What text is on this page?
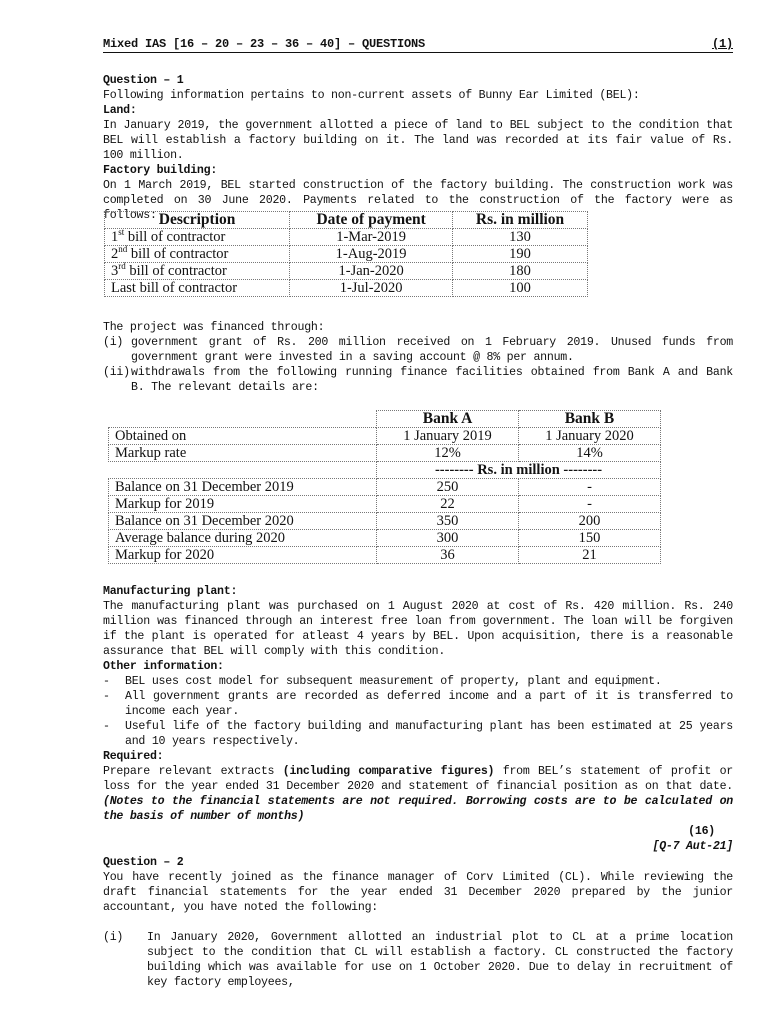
Mixed IAS [16 – 20 – 23 – 36 – 40] – QUESTIONS	(1)
Question – 1
Following information pertains to non-current assets of Bunny Ear Limited (BEL):
Land:
In January 2019, the government allotted a piece of land to BEL subject to the condition that BEL will establish a factory building on it. The land was recorded at its fair value of Rs. 100 million.
Factory building:
On 1 March 2019, BEL started construction of the factory building. The construction work was completed on 30 June 2020. Payments related to the construction of the factory were as follows: Description	Date of payment	Rs. in million
1st bill of contractor	1-Mar-2019	130
2nd bill of contractor	1-Aug-2019	190
3rd bill of contractor	1-Jan-2020	180
Last bill of contractor	1-Jul-2020	100
The project was financed through:
(i) government grant of Rs. 200 million received on 1 February 2019. Unused funds from government grant were invested in a saving account @ 8% per annum.
(ii) withdrawals from the following running finance facilities obtained from Bank A and Bank B. The relevant details are:
	Bank A	Bank B
Obtained on	1 January 2019	1 January 2020
Markup rate	12%	14%
	-------- Rs. in million --------	
Balance on 31 December 2019	250	-
Markup for 2019	22	-
Balance on 31 December 2020	350	200
Average balance during 2020	300	150
Markup for 2020	36	21
Manufacturing plant:
The manufacturing plant was purchased on 1 August 2020 at cost of Rs. 420 million. Rs. 240 million was financed through an interest free loan from government. The loan will be forgiven if the plant is operated for atleast 4 years by BEL. Upon acquisition, there is a reasonable assurance that BEL will comply with this condition.
Other information:
-	BEL uses cost model for subsequent measurement of property, plant and equipment.
-	All government grants are recorded as deferred income and a part of it is transferred to income each year.
-	Useful life of the factory building and manufacturing plant has been estimated at 25 years and 10 years respectively.
Required:
Prepare relevant extracts (including comparative figures) from BEL’s statement of profit or loss for the year ended 31 December 2020 and statement of financial position as on that date. (Notes to the financial statements are not required. Borrowing costs are to be calculated on the basis of number of months)
(16)
[Q-7 Aut-21]
Question – 2
You have recently joined as the finance manager of Corv Limited (CL). While reviewing the draft financial statements for the year ended 31 December 2020 prepared by the junior accountant, you have noted the following:
(i)	In January 2020, Government allotted an industrial plot to CL at a prime location subject to the condition that CL will establish a factory. CL constructed the factory building which was available for use on 1 October 2020. Due to delay in recruitment of key factory employees,
